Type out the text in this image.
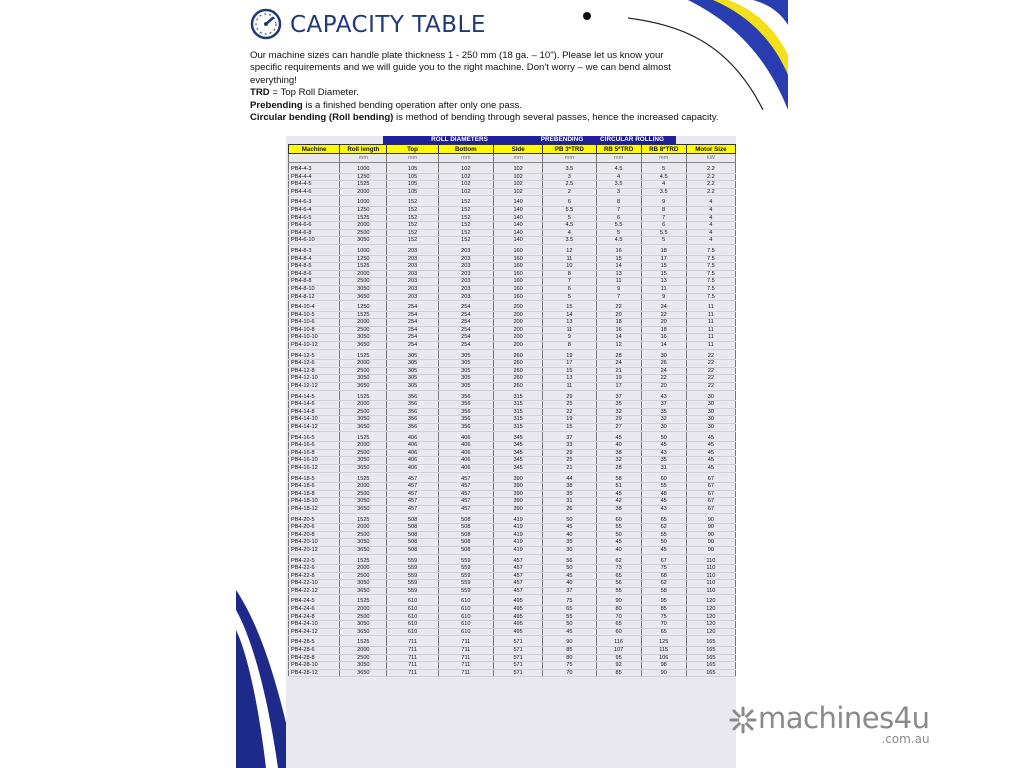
CAPACITY TABLE

Our machine sizes can handle plate thickness 1 - 250 mm (18 ga. – 10"). Please let us know your

specific requirements and we will guide you to the right machine. Don't worry – we can bend almost

everything!

TRD = Top Roll Diameter.

Prebending is a finished bending operation after only one pass.

Circular bending (Roll bending) is method of bending through several passes, hence the increased capacity.

ROLL DIAMETERS	PREBENDING	CIRCULAR ROLLING
Machine	Roll length	Top	Bottom	Side	PB 3*TRD	RB 5*TRD	RB 8*TRD	Motor Size
	mm	mm	mm	mm	mm	mm	mm	kW

PB4-4-3	1000	105	102	102	3.5	4.5	5	2.2
PB4-4-4	1250	105	102	102	3	4	4.5	2.2
PB4-4-5	1525	105	102	102	2.5	3.5	4	2.2
PB4-4-6	2000	105	102	102	2	3	3.5	2.2

PB4-6-3	1000	152	152	140	6	8	9	4
PB4-6-4	1250	152	152	140	5.5	7	8	4
PB4-6-5	1525	152	152	140	5	6	7	4
PB4-6-6	2000	152	152	140	4.5	5.5	6	4
PB4-6-8	2500	152	152	140	4	5	5.5	4
PB4-6-10	3050	152	152	140	3.5	4.5	5	4

PB4-8-3	1000	203	203	160	12	16	18	7.5
PB4-8-4	1250	203	203	160	11	15	17	7.5
PB4-8-5	1525	203	203	160	10	14	15	7.5
PB4-8-6	2000	203	203	160	8	13	15	7.5
PB4-8-8	2500	203	203	160	7	11	13	7.5
PB4-8-10	3050	203	203	160	6	9	11	7.5
PB4-8-12	3650	203	203	160	5	7	9	7.5

PB4-10-4	1250	254	254	200	15	22	24	11
PB4-10-5	1525	254	254	200	14	20	22	11
PB4-10-6	2000	254	254	200	13	18	20	11
PB4-10-8	2500	254	254	200	11	16	18	11
PB4-10-10	3050	254	254	200	9	14	16	11
PB4-10-12	3650	254	254	200	8	12	14	11

PB4-12-5	1525	305	305	260	19	28	30	22
PB4-12-6	2000	305	305	260	17	24	26	22
PB4-12-8	2500	305	305	260	15	21	24	22
PB4-12-10	3050	305	305	260	13	19	22	22
PB4-12-12	3650	305	305	260	11	17	20	22

PB4-14-5	1525	356	356	315	29	37	43	30
PB4-14-6	2000	356	356	315	25	35	37	30
PB4-14-8	2500	356	356	315	22	32	35	30
PB4-14-10	3050	356	356	315	19	29	32	30
PB4-14-12	3650	356	356	315	15	27	30	30

PB4-16-5	1525	406	406	345	37	45	50	45
PB4-16-6	2000	406	406	345	33	40	45	45
PB4-16-8	2500	406	406	345	29	38	43	45
PB4-16-10	3050	406	406	345	25	32	35	45
PB4-16-12	3650	406	406	345	21	28	31	45

PB4-18-5	1525	457	457	390	44	58	60	67
PB4-18-6	2000	457	457	390	38	51	55	67
PB4-18-8	2500	457	457	390	35	45	48	67
PB4-18-10	3050	457	457	390	31	42	45	67
PB4-18-12	3650	457	457	390	26	38	43	67

PB4-20-5	1525	508	508	419	50	60	65	90
PB4-20-6	2000	508	508	419	45	55	62	90
PB4-20-8	2500	508	508	419	40	50	55	90
PB4-20-10	3050	508	508	419	35	45	50	90
PB4-20-12	3650	508	508	419	30	40	45	90

PB4-22-5	1525	559	559	457	56	62	67	110
PB4-22-6	2000	559	559	457	50	73	75	110
PB4-22-8	2500	559	559	457	45	65	68	110
PB4-22-10	3050	559	559	457	40	56	62	110
PB4-22-12	3650	559	559	457	37	55	58	110

PB4-24-5	1525	610	610	495	75	90	95	120
PB4-24-6	2000	610	610	495	65	80	85	120
PB4-24-8	2500	610	610	495	55	70	75	120
PB4-24-10	3050	610	610	495	50	65	70	120
PB4-24-12	3650	610	610	495	45	60	65	120

PB4-28-5	1525	711	711	571	90	116	125	165
PB4-28-6	2000	711	711	571	85	107	115	165
PB4-28-8	2500	711	711	571	80	95	106	165
PB4-28-10	3050	711	711	571	75	92	98	165
PB4-28-12	3650	711	711	571	70	85	90	165
machines4u
.com.au
